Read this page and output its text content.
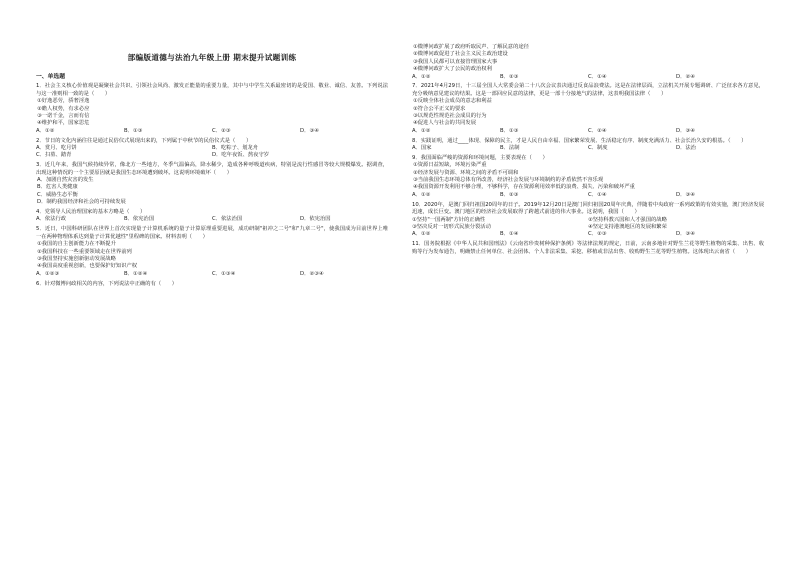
部编版道德与法治九年级上册 期末提升试题训练
一、单选题
1．社会主义核心价值观是凝聚社会共识、引领社会风尚、激发正能量的重要力量，其中与中学生关系最密切的是爱国、敬业、诚信、友善。下列说法与这一准则相一致的是（　　）
①好逸恶劳，骄奢淫逸
②瞻人权势，有求必应
③一诺千金，言而有信
④维护和平，国家思危
A．①②	B．①③	C．②③	D．③④
2．节日的文化内涵往往是通过民俗仪式展现出来的，下列属于中秋节的民俗仪式是（　　）
A．赏月、吃月饼	B．吃粽子、划龙舟
C．扫墓、踏青	D．吃年夜饭、熬夜守岁
3．近几年来，我国气候持续异常，像北方一些地方，冬季气温偏高，降水稀少，造成各种呼吸道疾病，特别是流行性感冒等较大规模爆发。据调查，出现这种情况的一个主要原因就是我国生态环境遭到破坏。这说明环境破坏（　　）
A．加剧自然灾害的发生
B．危害人类健康
C．威胁生态平衡
D．制约我国经济和社会的可持续发展
4．党领导人民治理国家的基本方略是（　　）
A．依法行政	B．依宪治国	C．依法治国	D．依宪治国
5．近日，中国科研团队在世界上首次实现量子计算机系统的量子计算原理重要进展，成功研制"祖冲之二号"和"九章二号"，使我国成为目前世界上唯一在两种物理体系达到量子计算优越性"里程碑的国家。材料表明（　　）
①我国的自主创新能力在不断提升
②我国科技在一些重要领域走在世界前列
③我国坚持实施创新驱动发展战略
④我国高度重视创新，也要保护好知识产权
A．①②③	B．①②④	C．①③④	D．②③④
6．针对微博问政相关的内容，下列说法中正确的有（　　）
①微博问政扩展了政府听取民声、了解民意的途径
②微博问政促进了社会主义民主政治建设
③我国人民都可以直接管理国家大事
④微博问政扩大了公民的政治权利
A．①②	B．②③	C．①④	D．②④
7．2021年4月29日，十三届全国人大常委会第二十八次会议表决通过反食品浪费法。这是在法律层面，立法机关开展专题调研、广泛征求各方意见，充分吸纳意见建议的结果。这是一部回应民意的法律，更是一部十分接地气的法律，这表明我国法律（　　）
①反映全体社会成员的意志和利益
②符合公平正义的要求
③以规范性规范社会成员的行为
④促进人与社会的共同发展
A．①②	B．①③	C．②④	D．③④
8．实践证明，通过____体现、保障的民主，才是人民自由幸福、国家繁荣发展、生活稳定有序、制度充满活力、社会长治久安的根基。（　　）
A．国家	B．法制	C．制度	D．法治
9．我国面临严峻的资源和环境问题，主要表现在（　　）
①资源日益短缺，环境污染严重
②经济发展与资源、环境之间的矛盾不可调和
③当前我国生态环境总体有所改善，经济社会发展与环境制约的矛盾依然不容乐观
④我国资源开发利用不够合理，不够科学，存在资源利用效率低的浪费、损失、污染和破坏严重
A．①②	B．②③	C．①④	D．③④
10．2020年，是澳门回归祖国20周年的日子。2019年12月20日是澳门回归祖国20周年庆典，伴随着中央政府一系列政策的有效实施，澳门经济发展迅速，成长巨变。澳门地区的经济社会发展取得了跨越式前进的伟大事业。这说明，我国（　　）
①坚持"一国两制"方针的正确性	②坚持科教兴国和人才强国的战略
③坚决反对一切形式民族分裂活动	④坚定支持港澳地区的发展和繁荣
A．①②	B．①④	C．②③	D．③④
11．国务院根据《中华人民共和国刑法》《云南省珍贵树种保护条例》等法律法规的规定，日前，云南多地针对野生兰花等野生植物的采集、出售、收购等行为发布通告，明确禁止任何单位、社会团体、个人非法采集、采挖、移植或非法出售、收购野生兰花等野生植物。这体现出云南省（　　）
